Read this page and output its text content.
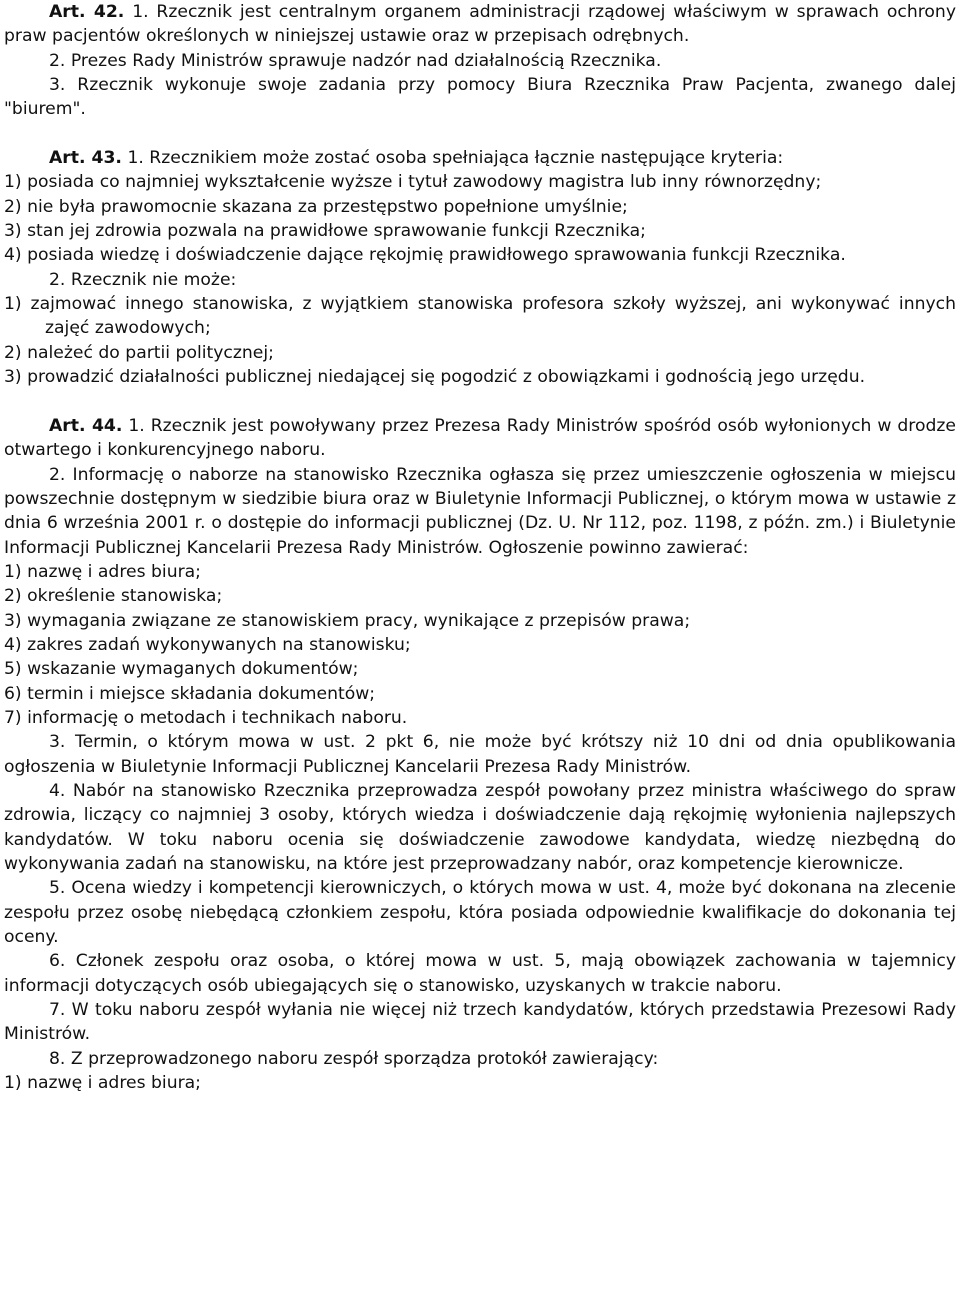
Art. 42. 1. Rzecznik jest centralnym organem administracji rządowej właściwym w sprawach ochrony praw pacjentów określonych w niniejszej ustawie oraz w przepisach odrębnych.
2. Prezes Rady Ministrów sprawuje nadzór nad działalnością Rzecznika.
3. Rzecznik wykonuje swoje zadania przy pomocy Biura Rzecznika Praw Pacjenta, zwanego dalej "biurem".
Art. 43. 1. Rzecznikiem może zostać osoba spełniająca łącznie następujące kryteria:
1) posiada co najmniej wykształcenie wyższe i tytuł zawodowy magistra lub inny równorzędny;
2) nie była prawomocnie skazana za przestępstwo popełnione umyślnie;
3) stan jej zdrowia pozwala na prawidłowe sprawowanie funkcji Rzecznika;
4) posiada wiedzę i doświadczenie dające rękojmię prawidłowego sprawowania funkcji Rzecznika.
2. Rzecznik nie może:
1) zajmować innego stanowiska, z wyjątkiem stanowiska profesora szkoły wyższej, ani wykonywać innych zajęć zawodowych;
2) należeć do partii politycznej;
3) prowadzić działalności publicznej niedającej się pogodzić z obowiązkami i godnością jego urzędu.
Art. 44. 1. Rzecznik jest powoływany przez Prezesa Rady Ministrów spośród osób wyłonionych w drodze otwartego i konkurencyjnego naboru.
2. Informację o naborze na stanowisko Rzecznika ogłasza się przez umieszczenie ogłoszenia w miejscu powszechnie dostępnym w siedzibie biura oraz w Biuletynie Informacji Publicznej, o którym mowa w ustawie z dnia 6 września 2001 r. o dostępie do informacji publicznej (Dz. U. Nr 112, poz. 1198, z późn. zm.) i Biuletynie Informacji Publicznej Kancelarii Prezesa Rady Ministrów. Ogłoszenie powinno zawierać:
1) nazwę i adres biura;
2) określenie stanowiska;
3) wymagania związane ze stanowiskiem pracy, wynikające z przepisów prawa;
4) zakres zadań wykonywanych na stanowisku;
5) wskazanie wymaganych dokumentów;
6) termin i miejsce składania dokumentów;
7) informację o metodach i technikach naboru.
3. Termin, o którym mowa w ust. 2 pkt 6, nie może być krótszy niż 10 dni od dnia opublikowania ogłoszenia w Biuletynie Informacji Publicznej Kancelarii Prezesa Rady Ministrów.
4. Nabór na stanowisko Rzecznika przeprowadza zespół powołany przez ministra właściwego do spraw zdrowia, liczący co najmniej 3 osoby, których wiedza i doświadczenie dają rękojmię wyłonienia najlepszych kandydatów. W toku naboru ocenia się doświadczenie zawodowe kandydata, wiedzę niezbędną do wykonywania zadań na stanowisku, na które jest przeprowadzany nabór, oraz kompetencje kierownicze.
5. Ocena wiedzy i kompetencji kierowniczych, o których mowa w ust. 4, może być dokonana na zlecenie zespołu przez osobę niebędącą członkiem zespołu, która posiada odpowiednie kwalifikacje do dokonania tej oceny.
6. Członek zespołu oraz osoba, o której mowa w ust. 5, mają obowiązek zachowania w tajemnicy informacji dotyczących osób ubiegających się o stanowisko, uzyskanych w trakcie naboru.
7. W toku naboru zespół wyłania nie więcej niż trzech kandydatów, których przedstawia Prezesowi Rady Ministrów.
8. Z przeprowadzonego naboru zespół sporządza protokół zawierający:
1) nazwę i adres biura;
